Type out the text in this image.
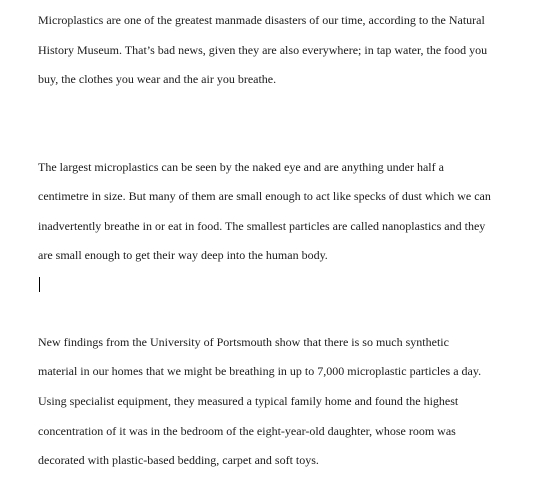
Microplastics are one of the greatest manmade disasters of our time, according to the Natural
History Museum. That’s bad news, given they are also everywhere; in tap water, the food you
buy, the clothes you wear and the air you breathe.
The largest microplastics can be seen by the naked eye and are anything under half a
centimetre in size. But many of them are small enough to act like specks of dust which we can
inadvertently breathe in or eat in food. The smallest particles are called nanoplastics and they
are small enough to get their way deep into the human body.
New findings from the University of Portsmouth show that there is so much synthetic
material in our homes that we might be breathing in up to 7,000 microplastic particles a day.
Using specialist equipment, they measured a typical family home and found the highest
concentration of it was in the bedroom of the eight-year-old daughter, whose room was
decorated with plastic-based bedding, carpet and soft toys.
